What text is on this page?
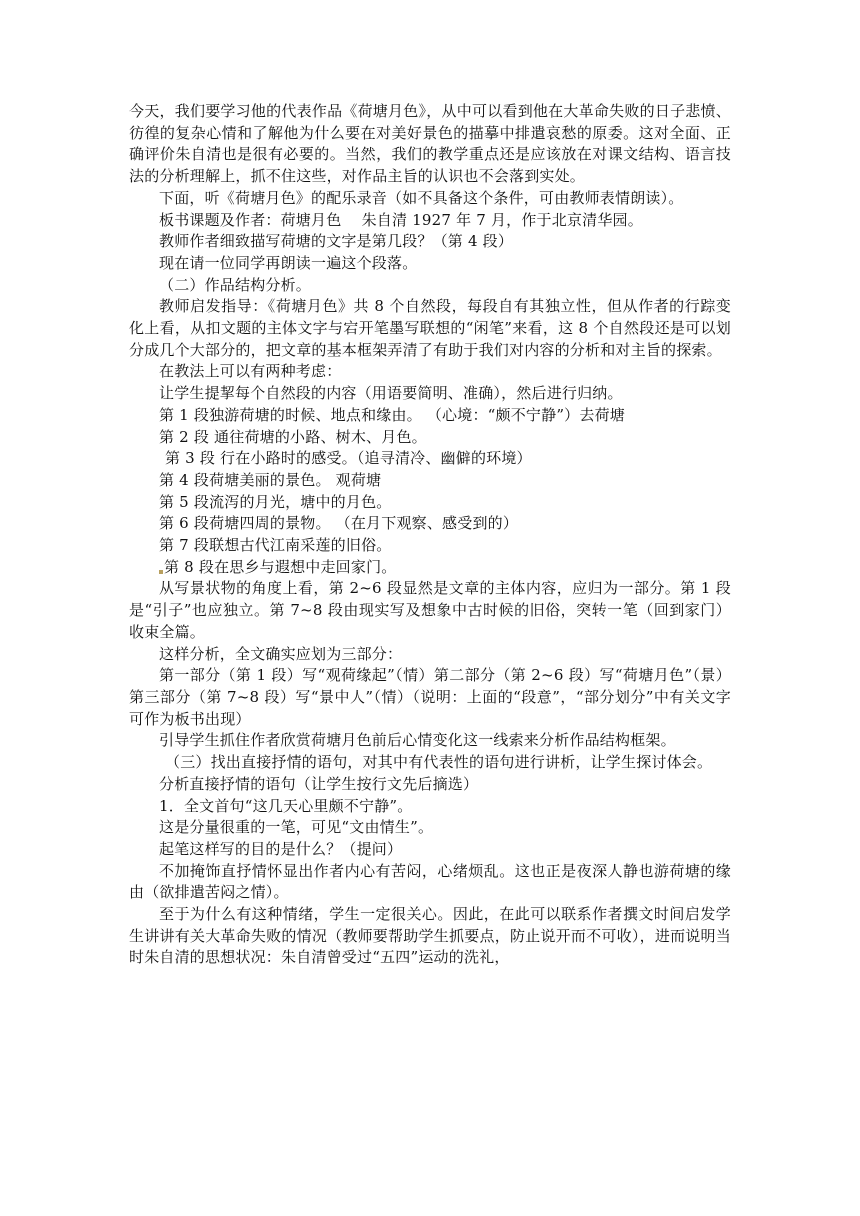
今天，我们要学习他的代表作品《荷塘月色》，从中可以看到他在大革命失败的日子悲愤、彷徨的复杂心情和了解他为什么要在对美好景色的描摹中排遣哀愁的原委。这对全面、正确评价朱自清也是很有必要的。当然，我们的教学重点还是应该放在对课文结构、语言技法的分析理解上，抓不住这些，对作品主旨的认识也不会落到实处。

下面，听《荷塘月色》的配乐录音（如不具备这个条件，可由教师表情朗读）。

板书课题及作者：荷塘月色　 朱自清 1927 年 7 月，作于北京清华园。

教师作者细致描写荷塘的文字是第几段？（第 4 段）

现在请一位同学再朗读一遍这个段落。

（二）作品结构分析。

教师启发指导：《荷塘月色》共 8 个自然段，每段自有其独立性，但从作者的行踪变化上看，从扣文题的主体文字与宕开笔墨写联想的“闲笔”来看，这 8 个自然段还是可以划分成几个大部分的，把文章的基本框架弄清了有助于我们对内容的分析和对主旨的探索。

在教法上可以有两种考虑：

让学生提挈每个自然段的内容（用语要简明、准确），然后进行归纳。

第 1 段独游荷塘的时候、地点和缘由。 （心境：“颇不宁静”）去荷塘

第 2 段 通往荷塘的小路、树木、月色。

第 3 段 行在小路时的感受。（追寻清冷、幽僻的环境）

第 4 段荷塘美丽的景色。 观荷塘

第 5 段流泻的月光，塘中的月色。

第 6 段荷塘四周的景物。 （在月下观察、感受到的）

第 7 段联想古代江南采莲的旧俗。

第 8 段在思乡与遐想中走回家门。

从写景状物的角度上看，第 2~6 段显然是文章的主体内容，应归为一部分。第 1 段是“引子”也应独立。第 7~8 段由现实写及想象中古时候的旧俗，突转一笔（回到家门）收束全篇。

这样分析，全文确实应划为三部分：

第一部分（第 1 段）写“观荷缘起”（情）第二部分（第 2~6 段）写“荷塘月色”（景）第三部分（第 7~8 段）写“景中人”（情）（说明：上面的“段意”，“部分划分”中有关文字可作为板书出现）

引导学生抓住作者欣赏荷塘月色前后心情变化这一线索来分析作品结构框架。

（三）找出直接抒情的语句，对其中有代表性的语句进行讲析，让学生探讨体会。

分析直接抒情的语句（让学生按行文先后摘选）

1．全文首句“这几天心里颇不宁静”。

这是分量很重的一笔，可见“文由情生”。

起笔这样写的目的是什么？（提问）

不加掩饰直抒情怀显出作者内心有苦闷，心绪烦乱。这也正是夜深人静也游荷塘的缘由（欲排遣苦闷之情）。

至于为什么有这种情绪，学生一定很关心。因此，在此可以联系作者撰文时间启发学生讲讲有关大革命失败的情况（教师要帮助学生抓要点，防止说开而不可收），进而说明当时朱自清的思想状况：朱自清曾受过“五四”运动的洗礼，
